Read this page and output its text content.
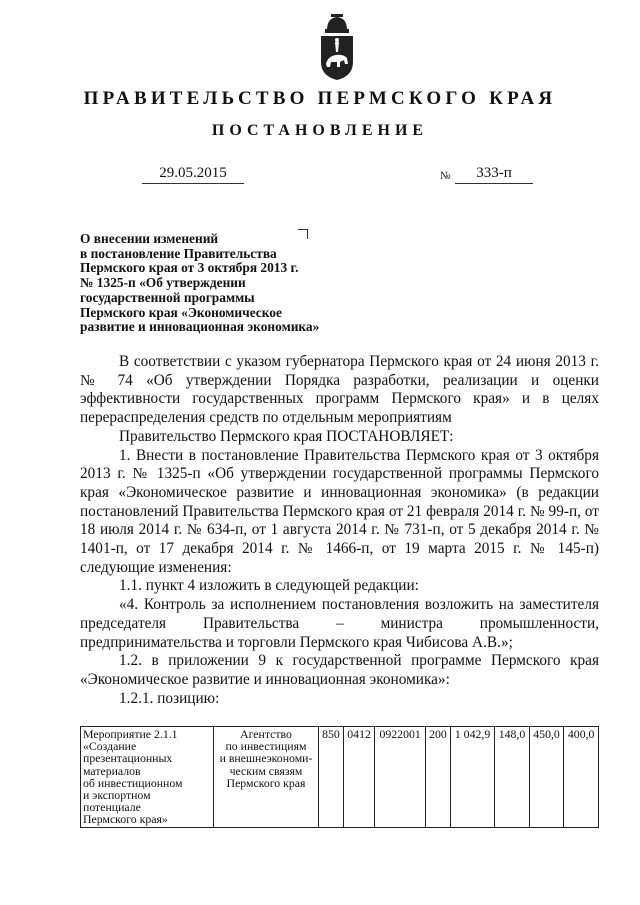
ПРАВИТЕЛЬСТВО ПЕРМСКОГО КРАЯ
ПОСТАНОВЛЕНИЕ
29.05.2015	№	333-п
О внесении изменений
в постановление Правительства
Пермского края от 3 октября 2013 г.
№ 1325-п «Об утверждении
государственной программы
Пермского края «Экономическое
развитие и инновационная экономика»

В соответствии с указом губернатора Пермского края от 24 июня 2013 г. № 74 «Об утверждении Порядка разработки, реализации и оценки эффективности государственных программ Пермского края» и в целях перераспределения средств по отдельным мероприятиям

Правительство Пермского края ПОСТАНОВЛЯЕТ:

1. Внести в постановление Правительства Пермского края от 3 октября 2013 г. № 1325-п «Об утверждении государственной программы Пермского края «Экономическое развитие и инновационная экономика» (в редакции постановлений Правительства Пермского края от 21 февраля 2014 г. № 99-п, от 18 июля 2014 г. № 634-п, от 1 августа 2014 г. № 731-п, от 5 декабря 2014 г. № 1401-п, от 17 декабря 2014 г. № 1466-п, от 19 марта 2015 г. № 145-п) следующие изменения:

1.1. пункт 4 изложить в следующей редакции:

«4. Контроль за исполнением постановления возложить на заместителя председателя Правительства – министра промышленности, предпринимательства и торговли Пермского края Чибисова А.В.»;

1.2. в приложении 9 к государственной программе Пермского края «Экономическое развитие и инновационная экономика»:

1.2.1. позицию:

Мероприятие 2.1.1
«Создание
презентационных
материалов
об инвестиционном
и экспортном
потенциале
Пермского края»

Агентство
по инвестициям
и внешнеэкономи-
ческим связям
Пермского края
	850	0412	0922001	200	1 042,9	148,0	450,0	400,0
